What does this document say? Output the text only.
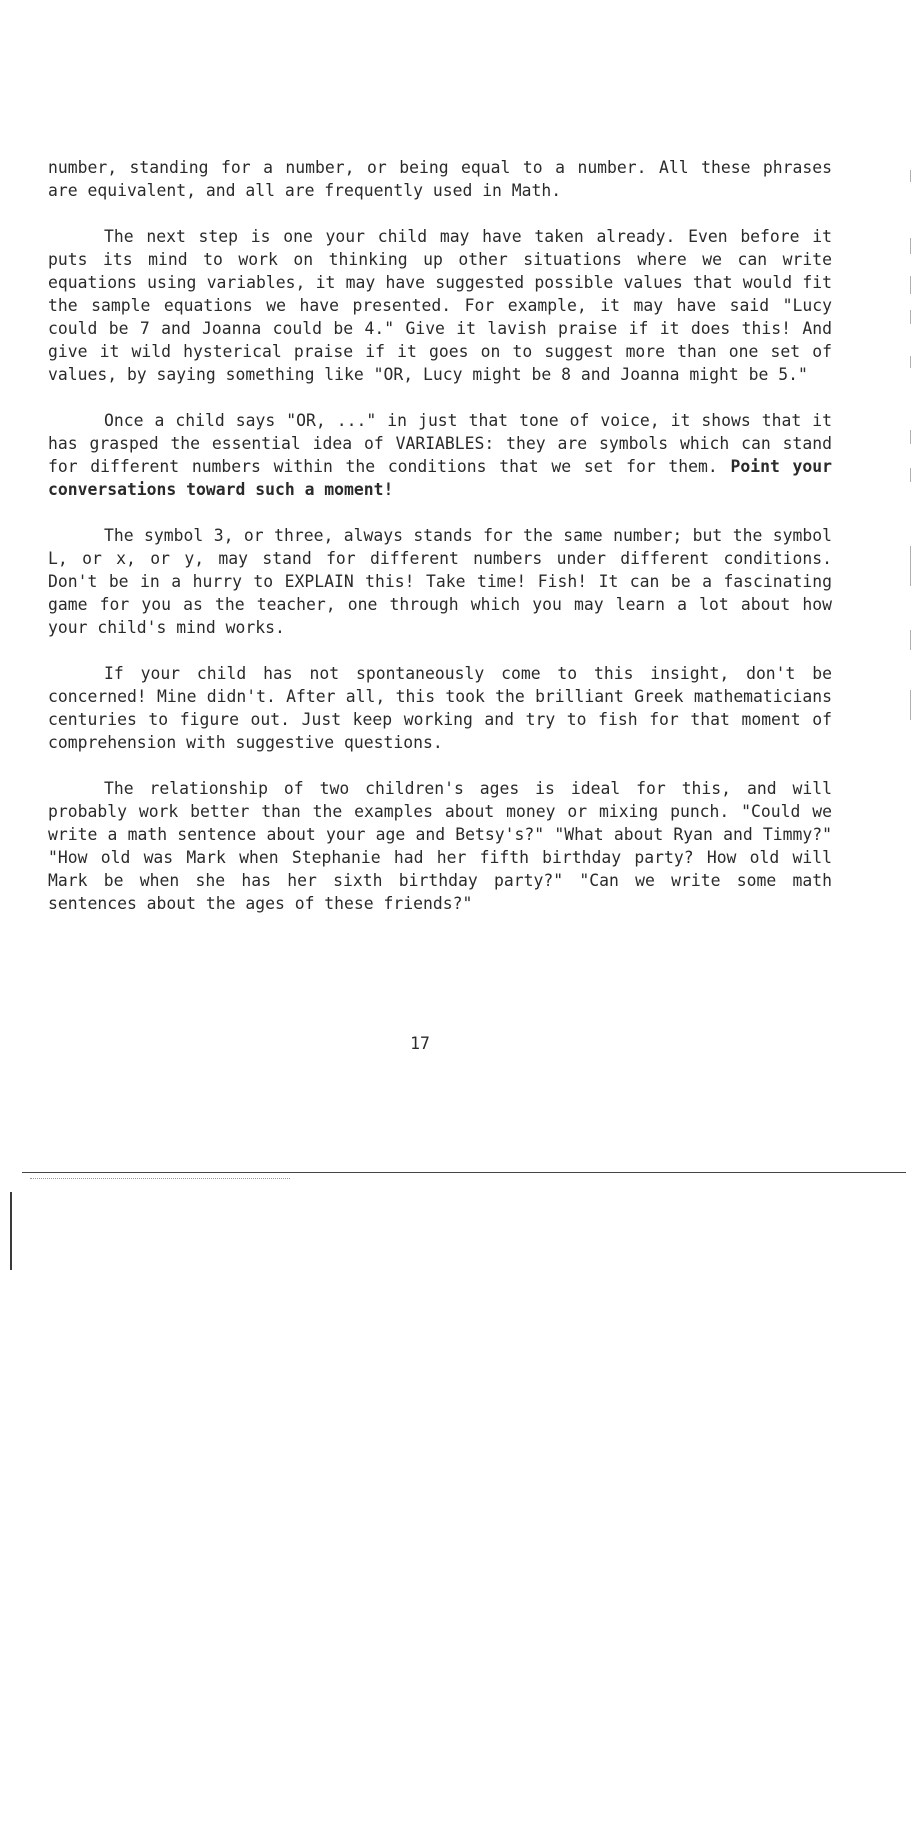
number, standing for a number, or being equal to a number. All these phrases are equivalent, and all are frequently used in Math.

The next step is one your child may have taken already. Even before it puts its mind to work on thinking up other situations where we can write equations using variables, it may have suggested possible values that would fit the sample equations we have presented. For example, it may have said "Lucy could be 7 and Joanna could be 4." Give it lavish praise if it does this! And give it wild hysterical praise if it goes on to suggest more than one set of values, by saying something like "OR, Lucy might be 8 and Joanna might be 5."

Once a child says "OR, ..." in just that tone of voice, it shows that it has grasped the essential idea of VARIABLES: they are symbols which can stand for different numbers within the conditions that we set for them. Point your conversations toward such a moment!

The symbol 3, or three, always stands for the same number; but the symbol L, or x, or y, may stand for different numbers under different conditions. Don't be in a hurry to EXPLAIN this! Take time! Fish! It can be a fascinating game for you as the teacher, one through which you may learn a lot about how your child's mind works.

If your child has not spontaneously come to this insight, don't be concerned! Mine didn't. After all, this took the brilliant Greek mathematicians centuries to figure out. Just keep working and try to fish for that moment of comprehension with suggestive questions.

The relationship of two children's ages is ideal for this, and will probably work better than the examples about money or mixing punch. "Could we write a math sentence about your age and Betsy's?" "What about Ryan and Timmy?" "How old was Mark when Stephanie had her fifth birthday party? How old will Mark be when she has her sixth birthday party?" "Can we write some math sentences about the ages of these friends?"

17
